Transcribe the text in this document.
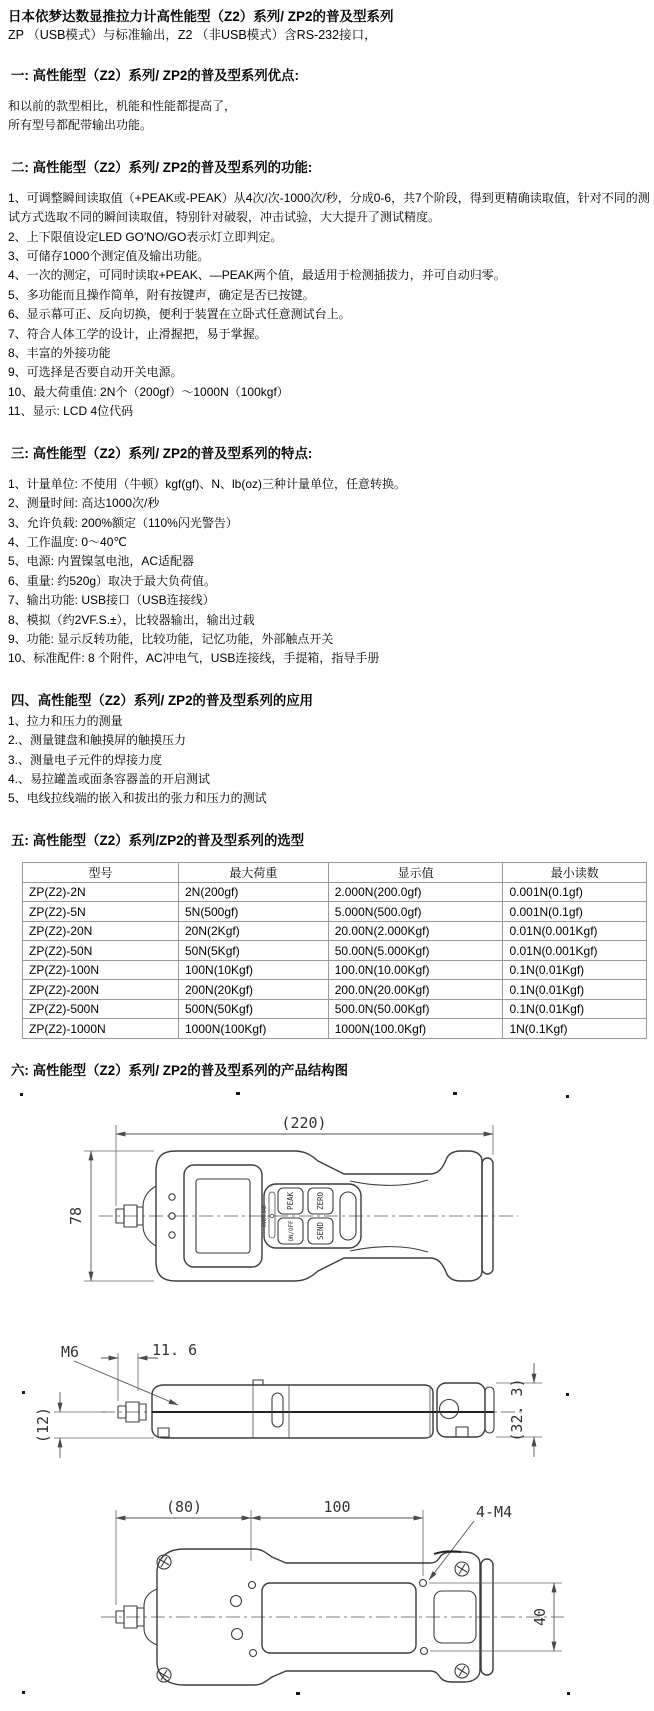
日本依梦达数显推拉力计高性能型（Z2）系列/ ZP2的普及型系列
ZP （USB模式）与标准输出，Z2 （非USB模式）含RS-232接口，
一: 高性能型（Z2）系列/ ZP2的普及型系列优点:
和以前的款型相比，机能和性能都提高了，
所有型号都配带输出功能。
二: 高性能型（Z2）系列/ ZP2的普及型系列的功能:
1、可调整瞬间读取值（+PEAK或-PEAK）从4次/次-1000次/秒，分成0-6，共7个阶段，得到更精确读取值，针对不同的测试方式选取不同的瞬间读取值，特别针对破裂，冲击试验，大大提升了测试精度。
2、上下限值设定LED GO'NO/GO表示灯立即判定。
3、可储存1000个测定值及输出功能。
4、一次的测定，可同时读取+PEAK、—PEAK两个值，最适用于检测插拔力，并可自动归零。
5、多功能而且操作简单，附有按键声，确定是否已按键。
6、显示幕可正、反向切换，便利于装置在立卧式任意测试台上。
7、符合人体工学的设计，止滑握把，易于掌握。
8、丰富的外接功能
9、可选择是否要自动开关电源。
10、最大荷重值: 2N个（200gf）〜1000N（100kgf）
11、显示: LCD 4位代码
三: 高性能型（Z2）系列/ ZP2的普及型系列的特点:
1、计量单位: 不使用（牛顿）kgf(gf)、N、lb(oz)三种计量单位，任意转换。
2、测量时间: 高达1000次/秒
3、允许负载: 200%额定（110%闪光警告）
4、工作温度: 0〜40℃
5、电源: 内置镍氢电池，AC适配器
6、重量: 约520g）取决于最大负荷值。
7、输出功能: USB接口（USB连接线）
8、模拟（约2VF.S.±），比较器输出，输出过载
9、功能: 显示反转功能，比较功能，记忆功能，外部触点开关
10、标准配件: 8 个附件，AC冲电气，USB连接线，手提箱，指导手册
四、高性能型（Z2）系列/ ZP2的普及型系列的应用
1、拉力和压力的测量
2.、测量键盘和触摸屏的触摸压力
3.、测量电子元件的焊接力度
4.、易拉罐盖或面条容器盖的开启测试
5、电线拉线端的嵌入和拔出的张力和压力的测试
五: 高性能型（Z2）系列/ZP2的普及型系列的选型
型号	最大荷重	显示值	最小读数
ZP(Z2)-2N	2N(200gf)	2.000N(200.0gf)	0.001N(0.1gf)
ZP(Z2)-5N	5N(500gf)	5.000N(500.0gf)	0.001N(0.1gf)
ZP(Z2)-20N	20N(2Kgf)	20.00N(2.000Kgf)	0.01N(0.001Kgf)
ZP(Z2)-50N	50N(5Kgf)	50.00N(5.000Kgf)	0.01N(0.001Kgf)
ZP(Z2)-100N	100N(10Kgf)	100.0N(10.00Kgf)	0.1N(0.01Kgf)
ZP(Z2)-200N	200N(20Kgf)	200.0N(20.00Kgf)	0.1N(0.01Kgf)
ZP(Z2)-500N	500N(50Kgf)	500.0N(50.00Kgf)	0.1N(0.01Kgf)
ZP(Z2)-1000N	1000N(100Kgf)	1000N(100.0Kgf)	1N(0.1Kgf)
六: 高性能型（Z2）系列/ ZP2的普及型系列的产品结构图
(220)
78	OVERLOAD
PEAK	ZERO
ON/OFF	SEND
M6	11. 6
(12)	(32. 3)
(80)	100	4-M4
40
